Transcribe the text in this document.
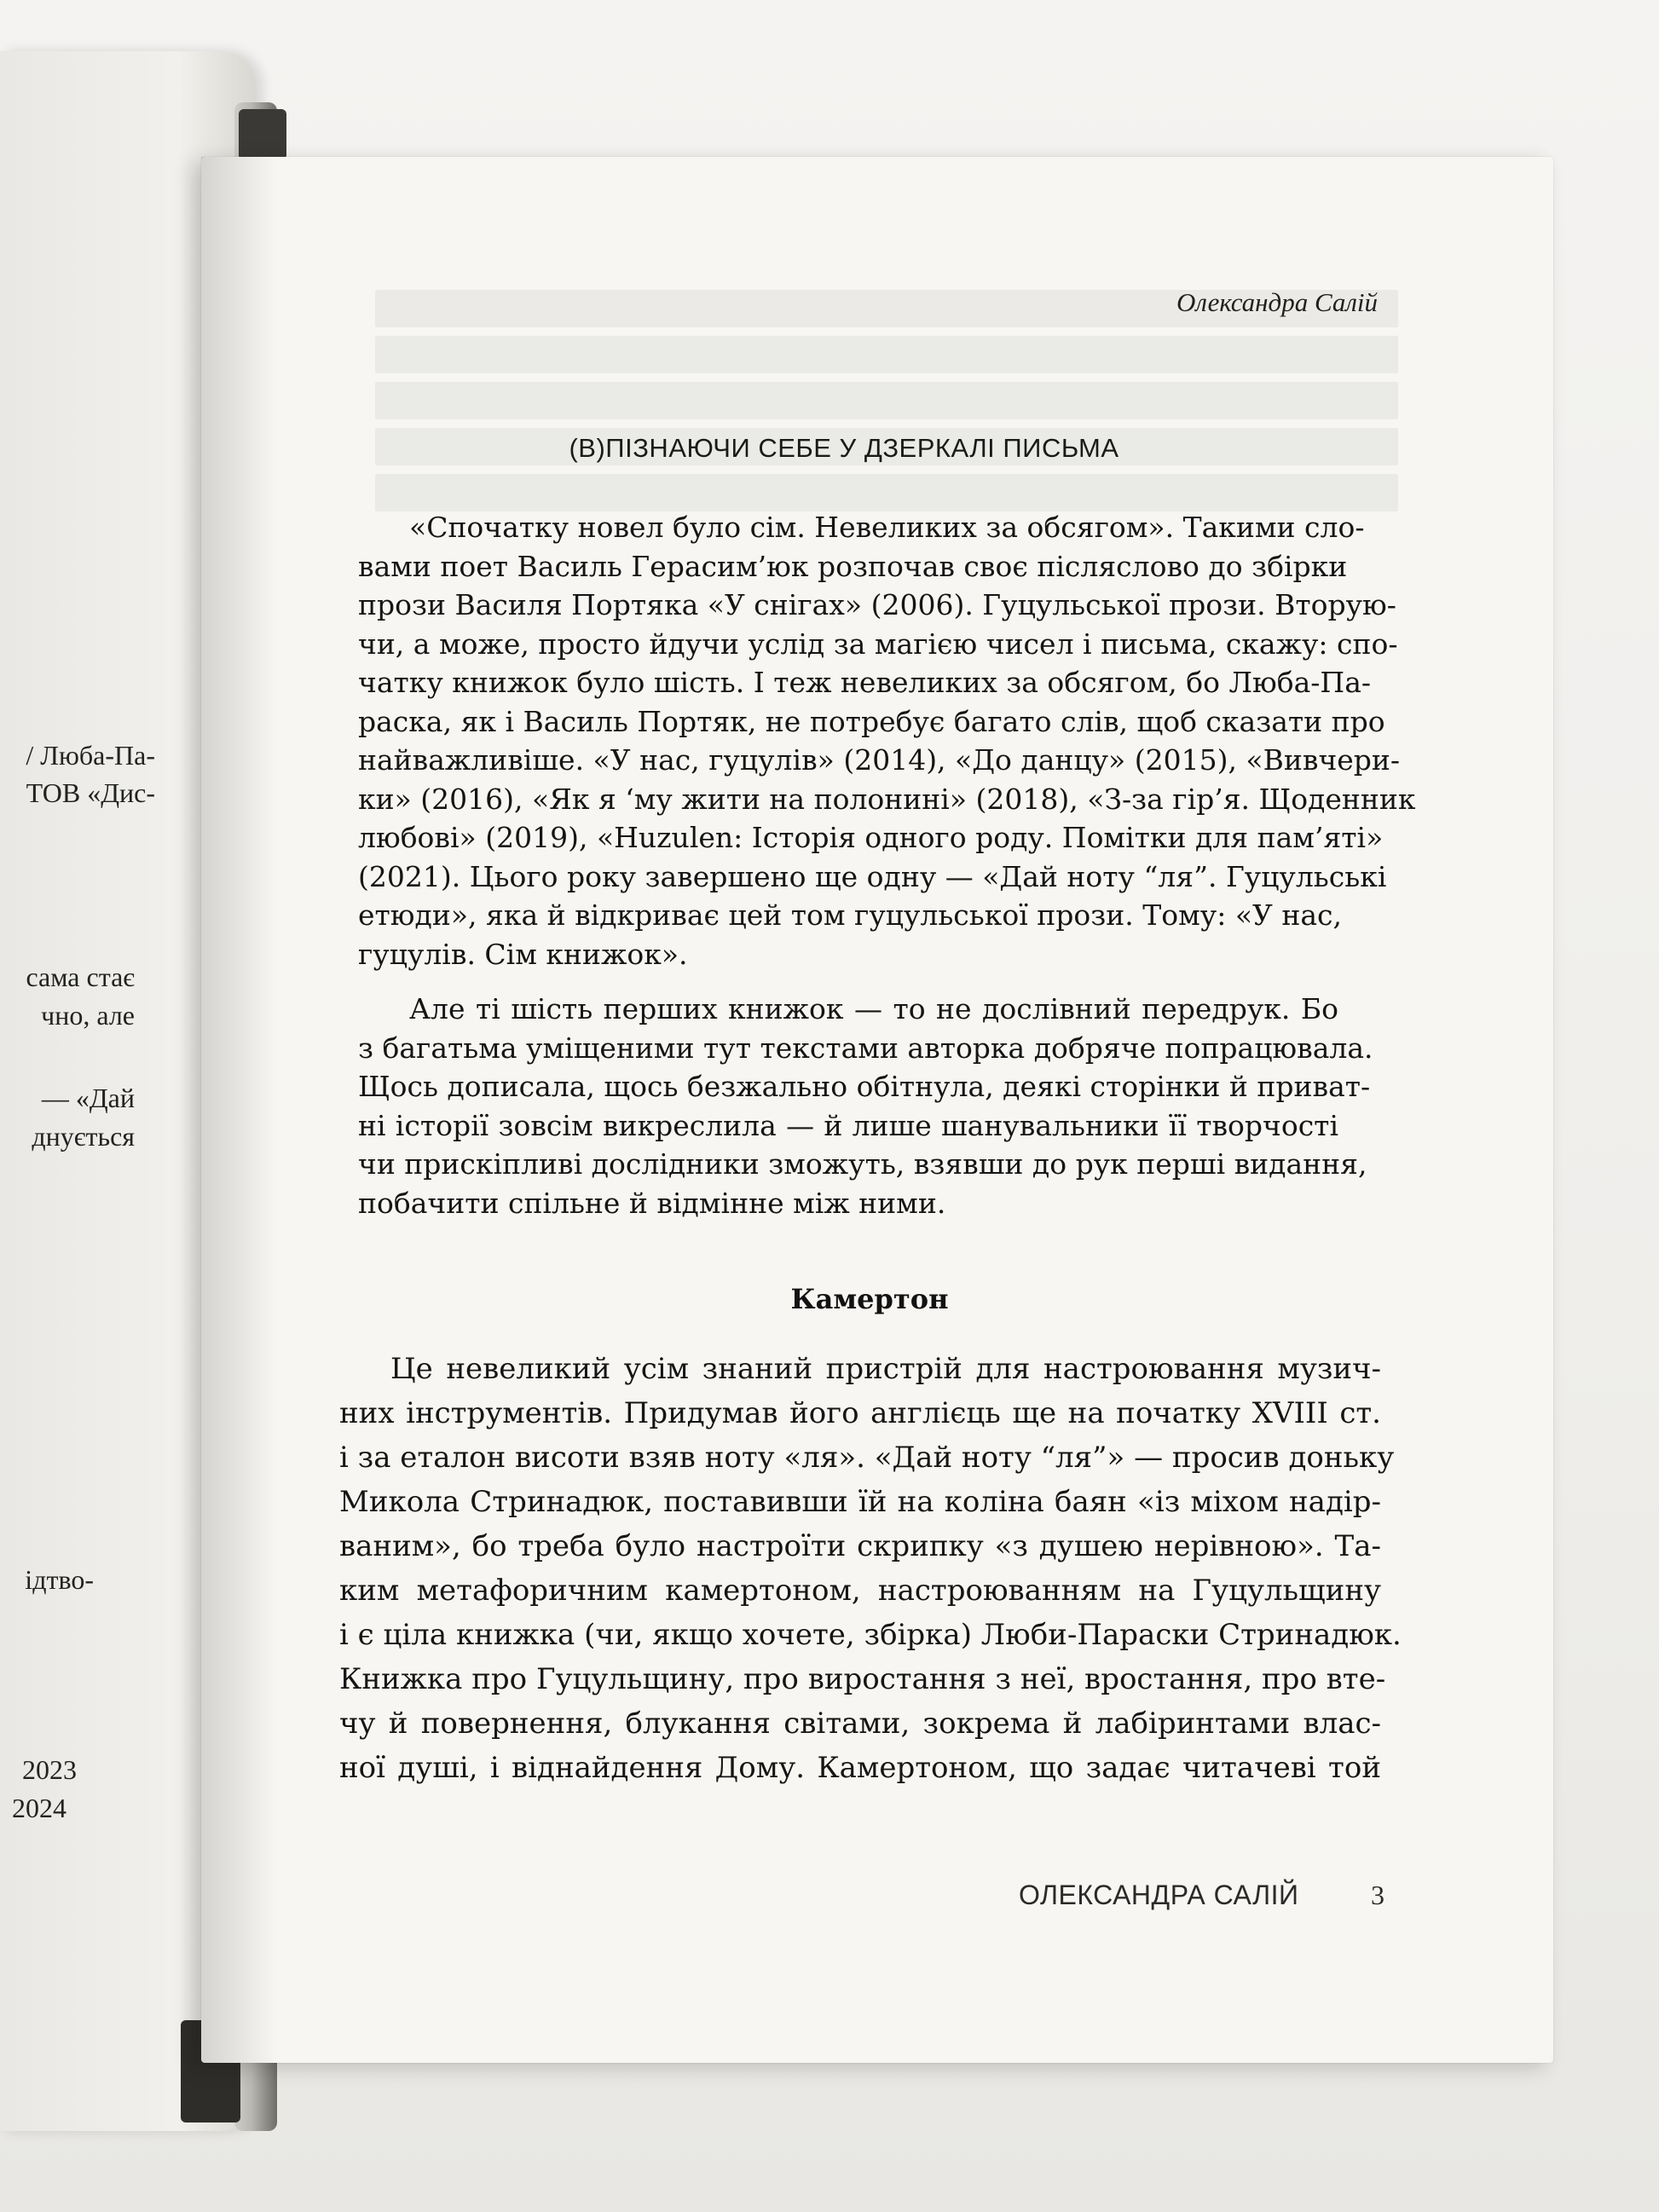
/ Люба-Па-
ТОВ «Дис-
сама стає
чно, але
— «Дай
днується
ідтво-
2023
2024
Олександра Салій
(В)ПІЗНАЮЧИ СЕБЕ У ДЗЕРКАЛІ ПИСЬМА
«Спочатку новел було сім. Невеликих за обсягом». Такими сло-
вами поет Василь Герасим’юк розпочав своє післяслово до збірки
прози Василя Портяка «У снігах» (2006). Гуцульської прози. Вторую-
чи, а може, просто йдучи услід за магією чисел і письма, скажу: спо-
чатку книжок було шість. І теж невеликих за обсягом, бо Люба-Па-
раска, як і Василь Портяк, не потребує багато слів, щоб сказати про
найважливіше. «У нас, гуцулів» (2014), «До данцу» (2015), «Вивчери-
ки» (2016), «Як я ‘му жити на полонині» (2018), «З-за гір’я. Щоденник
любові» (2019), «Huzulen: Історія одного роду. Помітки для пам’яті»
(2021). Цього року завершено ще одну — «Дай ноту “ля”. Гуцульські
етюди», яка й відкриває цей том гуцульської прози. Тому: «У нас,
гуцулів. Сім книжок».
Але ті шість перших книжок — то не дослівний передрук. Бо
з багатьма уміщеними тут текстами авторка добряче попрацювала.
Щось дописала, щось безжально обітнула, деякі сторінки й приват-
ні історії зовсім викреслила — й лише шанувальники її творчості
чи прискіпливі дослідники зможуть, взявши до рук перші видання,
побачити спільне й відмінне між ними.
Камертон
Це невеликий усім знаний пристрій для настроювання музич-
них інструментів. Придумав його англієць ще на початку XVIII ст.
і за еталон висоти взяв ноту «ля». «Дай ноту “ля”» — просив доньку
Микола Стринадюк, поставивши їй на коліна баян «із міхом надір-
ваним», бо треба було настроїти скрипку «з душею нерівною». Та-
ким метафоричним камертоном, настроюванням на Гуцульщину
і є ціла книжка (чи, якщо хочете, збірка) Люби-Параски Стринадюк.
Книжка про Гуцульщину, про виростання з неї, вростання, про втe-
чу й повернення, блукання світами, зокрема й лабіринтами влас-
ної душі, і віднайдення Дому. Камертоном, що задає читачеві той
ОЛЕКСАНДРА САЛІЙ	3
